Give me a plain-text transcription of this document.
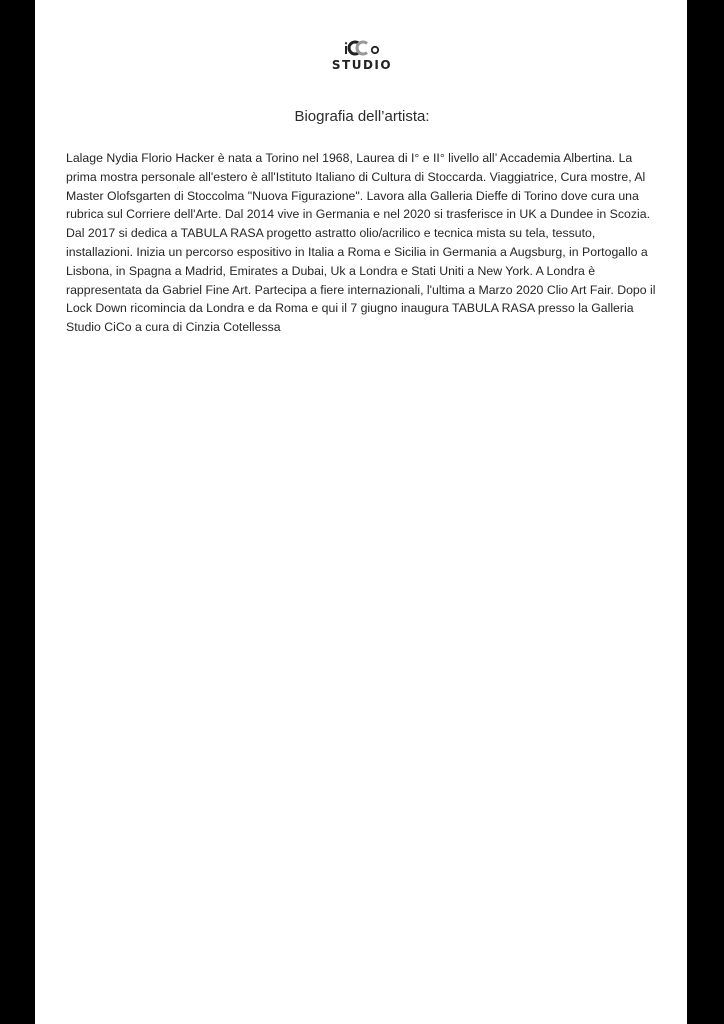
STUDIO
Biografia dell’artista:

Lalage Nydia Florio Hacker è nata a Torino nel 1968, Laurea di I° e II° livello all’ Accademia Albertina. La prima mostra personale all'estero è all'Istituto Italiano di Cultura di Stoccarda. Viaggiatrice, Cura mostre, Al Master Olofsgarten di Stoccolma "Nuova Figurazione". Lavora alla Galleria Dieffe di Torino dove cura una rubrica sul Corriere dell'Arte. Dal 2014 vive in Germania e nel 2020 si trasferisce in UK a Dundee in Scozia. Dal 2017 si dedica a TABULA RASA progetto astratto olio/acrilico e tecnica mista su tela, tessuto, installazioni. Inizia un percorso espositivo in Italia a Roma e Sicilia in Germania a Augsburg, in Portogallo a Lisbona, in Spagna a Madrid, Emirates a Dubai, Uk a Londra e Stati Uniti a New York. A Londra è rappresentata da Gabriel Fine Art. Partecipa a fiere internazionali, l'ultima a Marzo 2020 Clio Art Fair. Dopo il Lock Down ricomincia da Londra e da Roma e qui il 7 giugno inaugura TABULA RASA presso la Galleria Studio CiCo a cura di Cinzia Cotellessa
